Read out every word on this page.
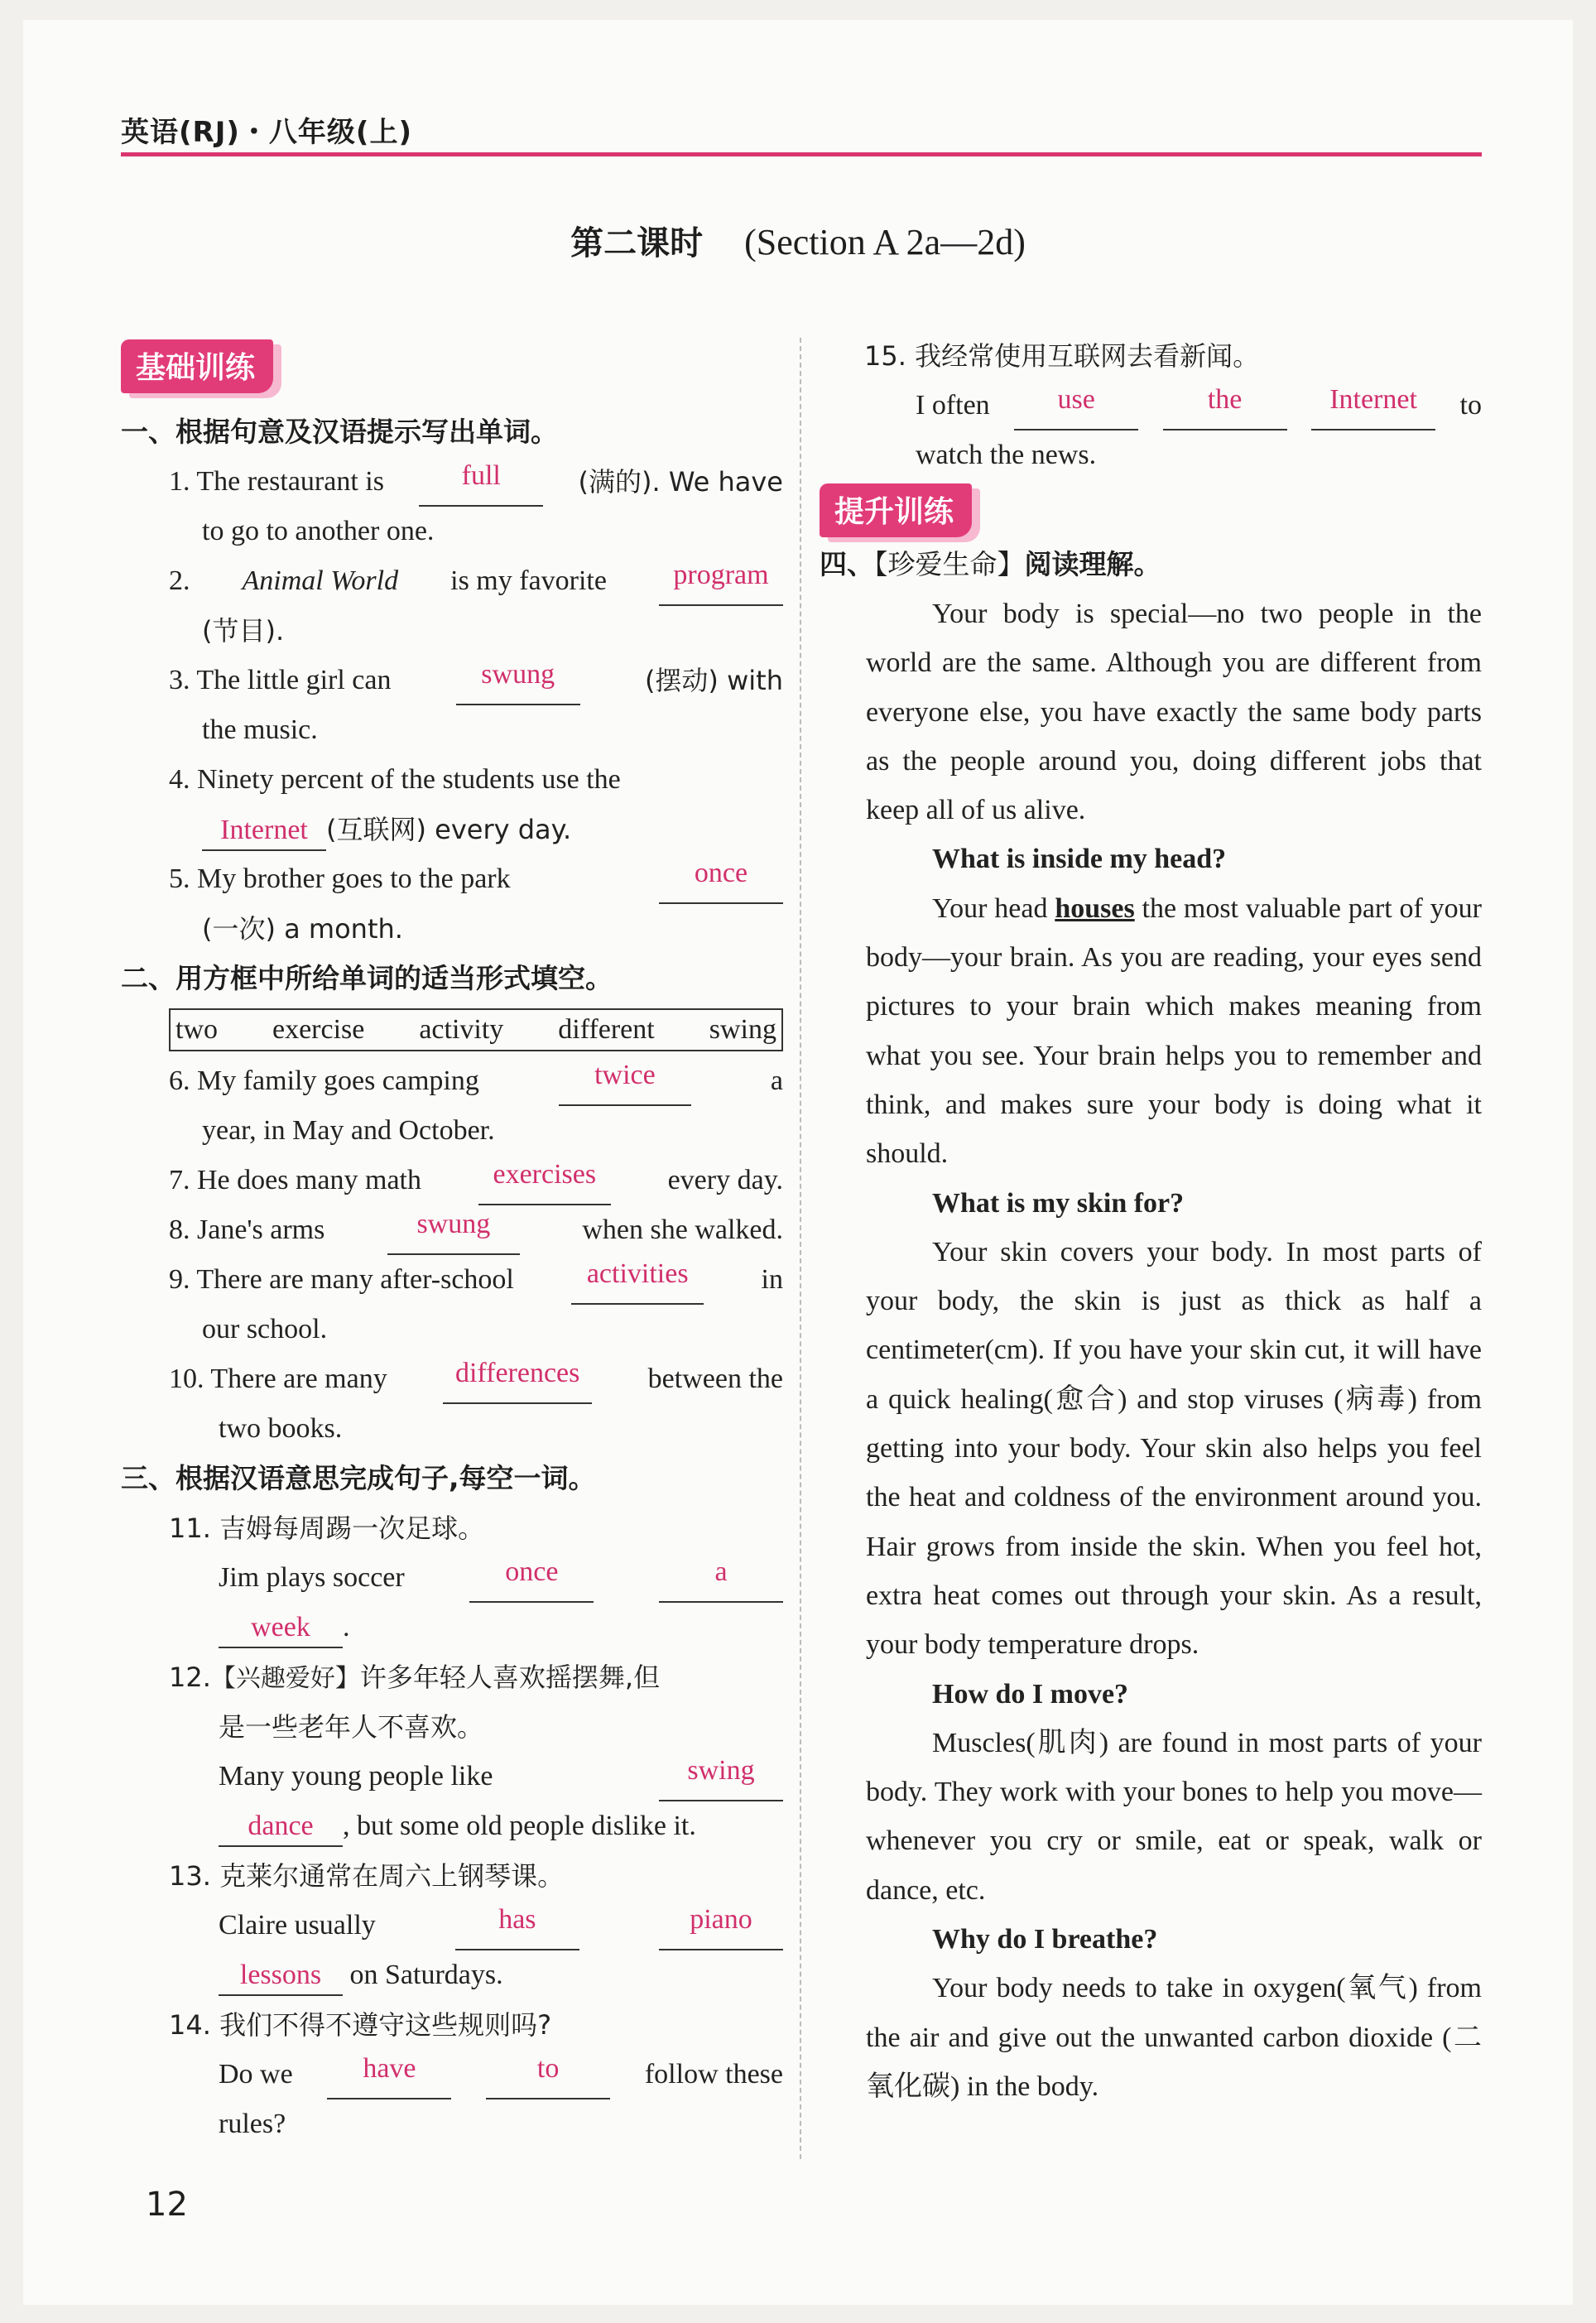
英语(RJ)・八年级(上)
第二课时 (Section A 2a—2d)
基础训练
一、根据句意及汉语提示写出单词。
1. The restaurant is	full	(满的). We have
to go to another one.
2. Animal World is my favorite	program
(节目).
3. The little girl can	swung	(摆动) with
the music.
4. Ninety percent of the students use the
Internet (互联网) every day.
5. My brother goes to the park	once
(一次) a month.
二、用方框中所给单词的适当形式填空。
two exercise activity different swing
6. My family goes camping	twice	a
year, in May and October.
7. He does many math	exercises	every day.
8. Jane's arms	swung	when she walked.
9. There are many after-school	activities	in
our school.
10. There are many	differences	between the
two books.
三、根据汉语意思完成句子,每空一词。
11. 吉姆每周踢一次足球。
Jim plays soccer	once	a
week .
12.【兴趣爱好】许多年轻人喜欢摇摆舞,但
是一些老年人不喜欢。
Many young people like	swing
dance , but some old people dislike it.
13. 克莱尔通常在周六上钢琴课。
Claire usually	has	piano
lessons on Saturdays.
14. 我们不得不遵守这些规则吗?
Do we	have	to	follow these
rules?
15. 我经常使用互联网去看新闻。
I often	use	the	Internet	to
watch the news.
提升训练
四、【珍爱生命】阅读理解。
Your body is special—no two people in the world are the same. Although you are different from everyone else, you have exactly the same body parts as the people around you, doing different jobs that keep all of us alive.
What is inside my head?
Your head houses the most valuable part of your body—your brain. As you are reading, your eyes send pictures to your brain which makes meaning from what you see. Your brain helps you to remember and think, and makes sure your body is doing what it should.
What is my skin for?
Your skin covers your body. In most parts of your body, the skin is just as thick as half a centimeter(cm). If you have your skin cut, it will have a quick healing(愈合) and stop viruses (病毒) from getting into your body. Your skin also helps you feel the heat and coldness of the environment around you. Hair grows from inside the skin. When you feel hot, extra heat comes out through your skin. As a result, your body temperature drops.
How do I move?
Muscles(肌肉) are found in most parts of your body. They work with your bones to help you move—whenever you cry or smile, eat or speak, walk or dance, etc.
Why do I breathe?
Your body needs to take in oxygen(氧气) from the air and give out the unwanted carbon dioxide (二氧化碳) in the body.
12
